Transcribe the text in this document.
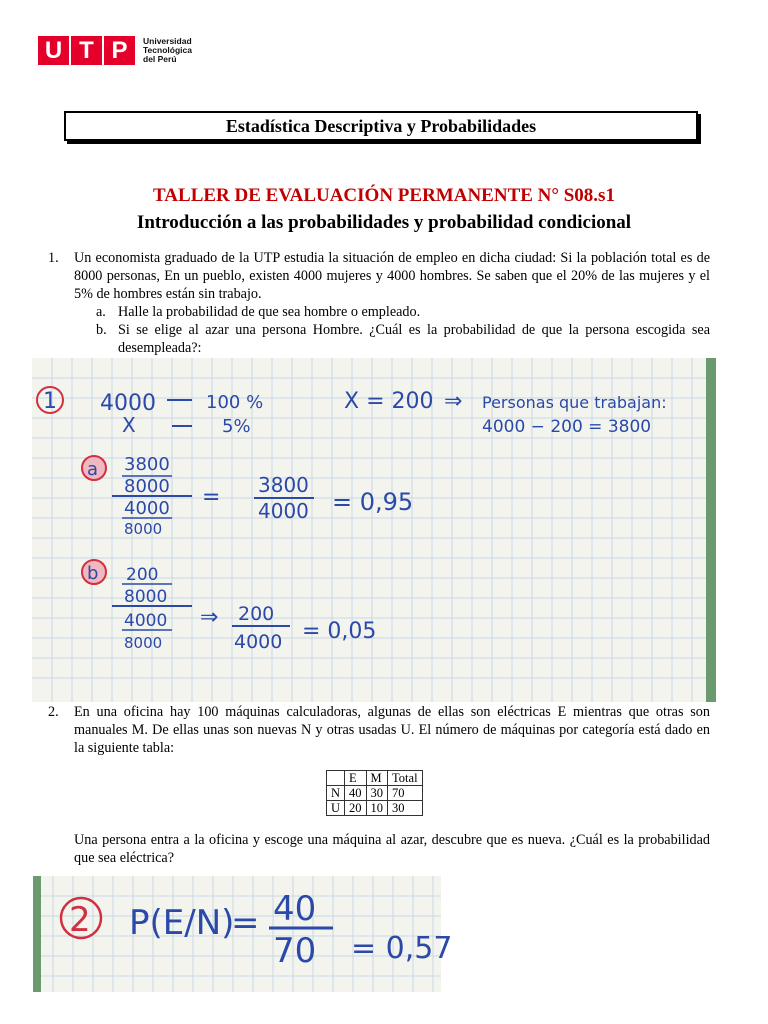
U T P	Universidad
Tecnológica
del Perú
Estadística Descriptiva y Probabilidades
TALLER DE EVALUACIÓN PERMANENTE N° S08.s1
Introducción a las probabilidades y probabilidad condicional
1. Un economista graduado de la UTP estudia la situación de empleo en dicha ciudad: Si la población total es de 8000 personas, En un pueblo, existen 4000 mujeres y 4000 hombres. Se saben que el 20% de las mujeres y el 5% de hombres están sin trabajo.
a. Halle la probabilidad de que sea hombre o empleado.
b. Si se elige al azar una persona Hombre. ¿Cuál es la probabilidad de que la persona escogida sea desempleada?:
1 4000	100 %
X	5%
X = 200 ⇒ Personas que trabajan:
4000 − 200 = 3800
a 3800
8000
4000
8000
= 3800
4000 = 0,95
b 200
8000
4000
8000
⇒ 200
4000 = 0,05
2. En una oficina hay 100 máquinas calculadoras, algunas de ellas son eléctricas E mientras que otras son manuales M. De ellas unas son nuevas N y otras usadas U. El número de máquinas por categoría está dado en la siguiente tabla:
	E	M	Total
N	40	30	70
U	20	10	30
Una persona entra a la oficina y escoge una máquina al azar, descubre que es nueva. ¿Cuál es la probabilidad que sea eléctrica?
2 P(E/N)
= 40
70 = 0,57
